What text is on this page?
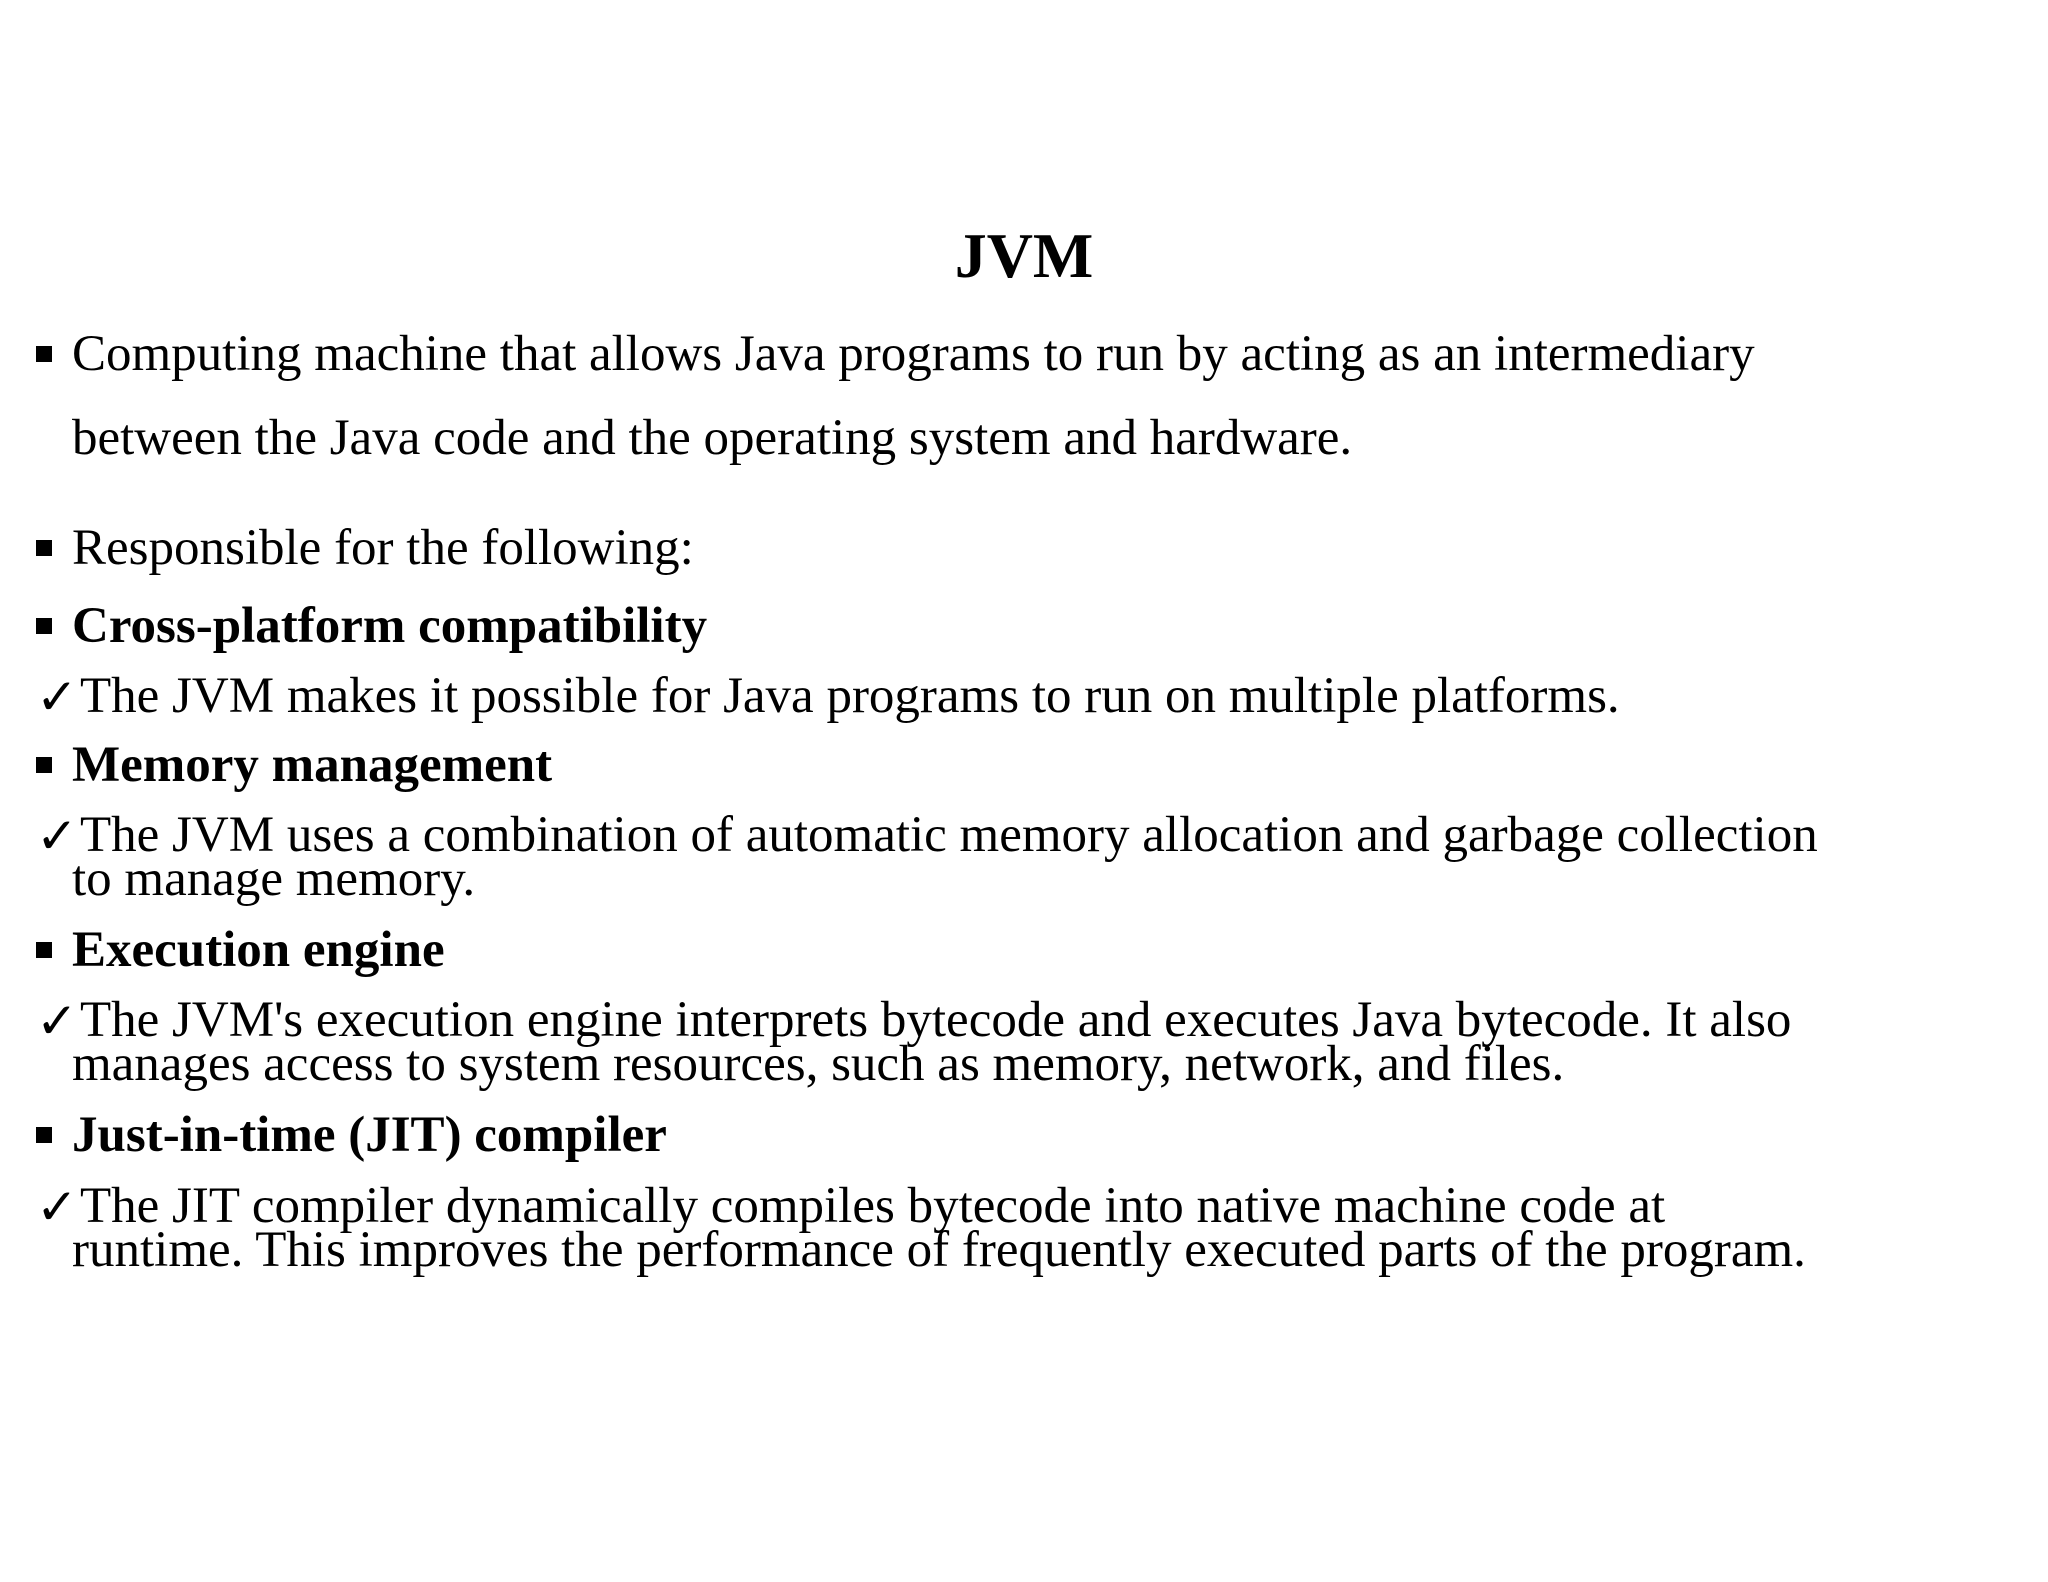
JVM
Computing machine that allows Java programs to run by acting as an intermediary
between the Java code and the operating system and hardware.
Responsible for the following:
Cross-platform compatibility
✓ The JVM makes it possible for Java programs to run on multiple platforms.
Memory management
✓ The JVM uses a combination of automatic memory allocation and garbage collection
to manage memory.
Execution engine
✓ The JVM's execution engine interprets bytecode and executes Java bytecode. It also
manages access to system resources, such as memory, network, and files.
Just-in-time (JIT) compiler
✓ The JIT compiler dynamically compiles bytecode into native machine code at
runtime. This improves the performance of frequently executed parts of the program.
